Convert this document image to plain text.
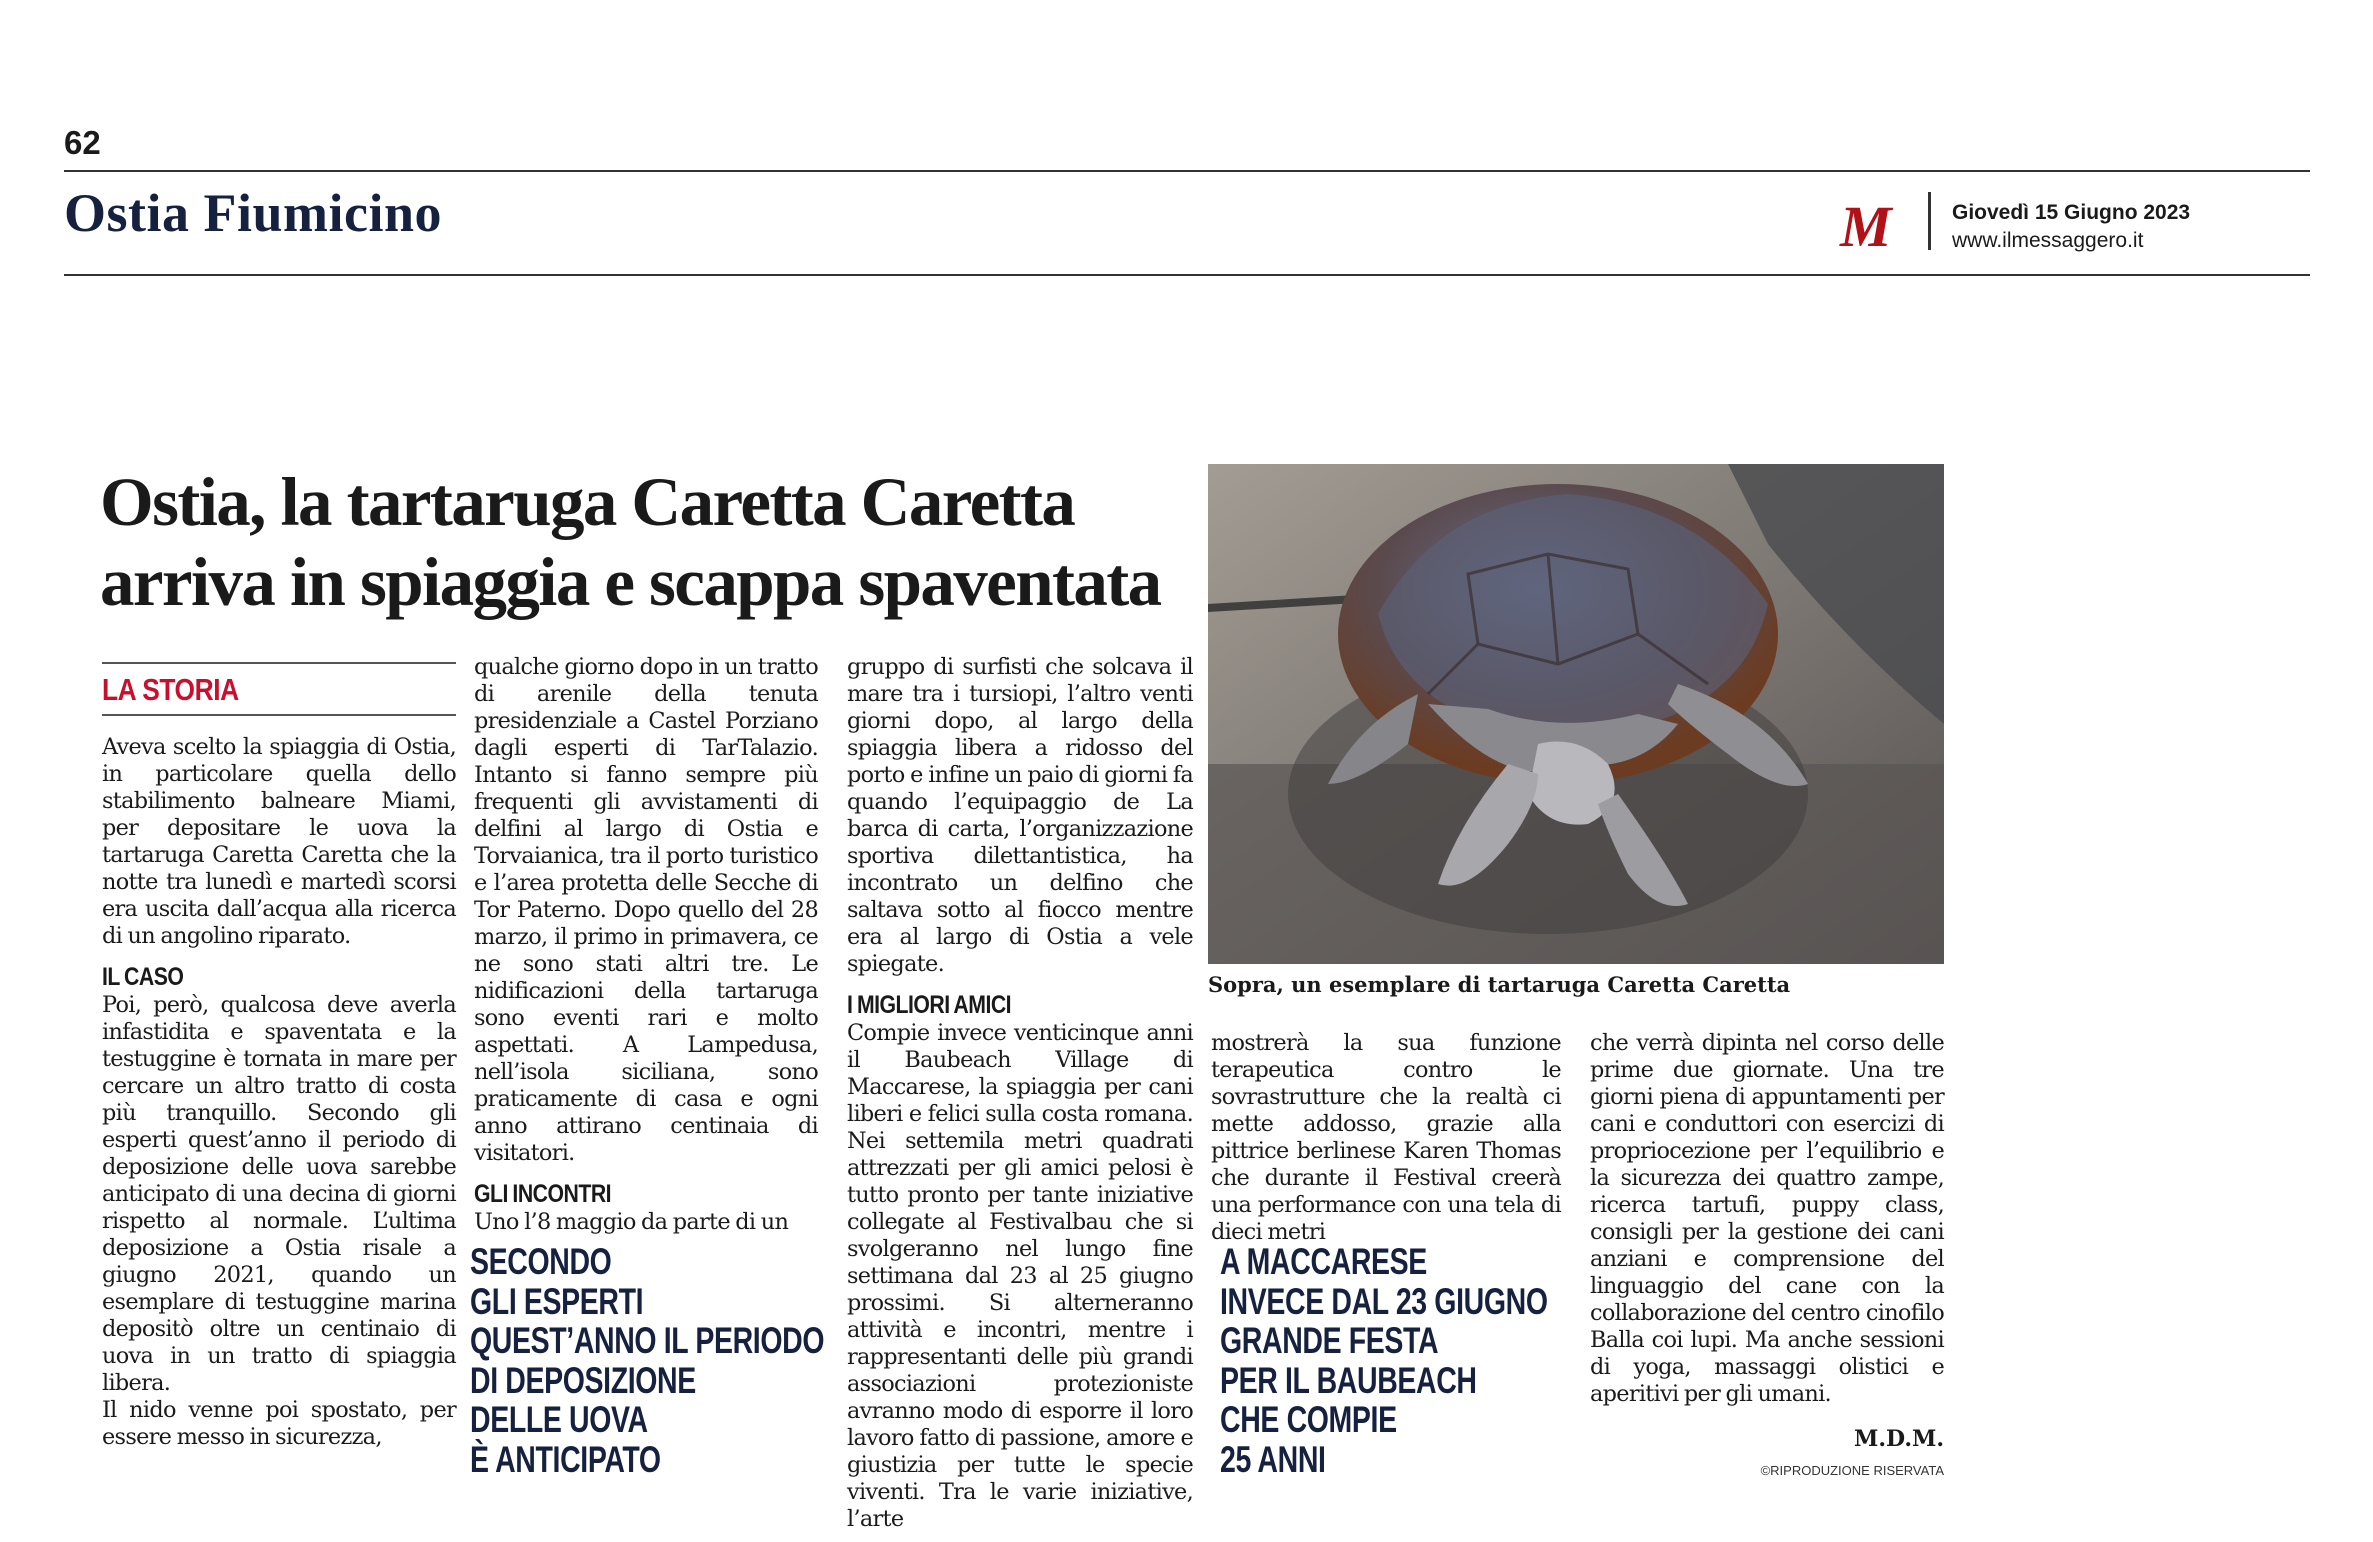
62
Ostia Fiumicino	M	Giovedì 15 Giugno 2023
www.ilmessaggero.it
Ostia, la tartaruga Caretta Caretta
arriva in spiaggia e scappa spaventata
Sopra, un esemplare di tartaruga Caretta Caretta
LA STORIA

Aveva scelto la spiaggia di Ostia, in particolare quella dello stabilimento balneare Miami, per depositare le uova la tartaruga Caretta Caretta che la notte tra lunedì e martedì scorsi era uscita dall’acqua alla ricerca di un angolino riparato.

IL CASO

Poi, però, qualcosa deve averla infastidita e spaventata e la testuggine è tornata in mare per cercare un altro tratto di costa più tranquillo. Secondo gli esperti quest’anno il periodo di deposizione delle uova sarebbe anticipato di una decina di giorni rispetto al normale. L’ultima deposizione a Ostia risale a giugno 2021, quando un esemplare di testuggine marina depositò oltre un centinaio di uova in un tratto di spiaggia libera.

Il nido venne poi spostato, per essere messo in sicurezza,

qualche giorno dopo in un tratto di arenile della tenuta presidenziale a Castel Porziano dagli esperti di TarTalazio. Intanto si fanno sempre più frequenti gli avvistamenti di delfini al largo di Ostia e Torvaianica, tra il porto turistico e l’area protetta delle Secche di Tor Paterno. Dopo quello del 28 marzo, il primo in primavera, ce ne sono stati altri tre. Le nidificazioni della tartaruga sono eventi rari e molto aspettati. A Lampedusa, nell’isola siciliana, sono praticamente di casa e ogni anno attirano centinaia di visitatori.

GLI INCONTRI

Uno l’8 maggio da parte di un

SECONDO
GLI ESPERTI
QUEST’ANNO IL PERIODO
DI DEPOSIZIONE
DELLE UOVA
È ANTICIPATO

gruppo di surfisti che solcava il mare tra i tursiopi, l’altro venti giorni dopo, al largo della spiaggia libera a ridosso del porto e infine un paio di giorni fa quando l’equipaggio de La barca di carta, l’organizzazione sportiva dilettantistica, ha incontrato un delfino che saltava sotto al fiocco mentre era al largo di Ostia a vele spiegate.

I MIGLIORI AMICI

Compie invece venticinque anni il Baubeach Village di Maccarese, la spiaggia per cani liberi e felici sulla costa romana. Nei settemila metri quadrati attrezzati per gli amici pelosi è tutto pronto per tante iniziative collegate al Festivalbau che si svolgeranno nel lungo fine settimana dal 23 al 25 giugno prossimi. Si alterneranno attività e incontri, mentre i rappresentanti delle più grandi associazioni protezioniste avranno modo di esporre il loro lavoro fatto di passione, amore e giustizia per tutte le specie viventi. Tra le varie iniziative, l’arte

mostrerà la sua funzione terapeutica contro le sovrastrutture che la realtà ci mette addosso, grazie alla pittrice berlinese Karen Thomas che durante il Festival creerà una performance con una tela di dieci metri

A MACCARESE
INVECE DAL 23 GIUGNO
GRANDE FESTA
PER IL BAUBEACH
CHE COMPIE
25 ANNI

che verrà dipinta nel corso delle prime due giornate. Una tre giorni piena di appuntamenti per cani e conduttori con esercizi di propriocezione per l’equilibrio e la sicurezza dei quattro zampe, ricerca tartufi, puppy class, consigli per la gestione dei cani anziani e comprensione del linguaggio del cane con la collaborazione del centro cinofilo Balla coi lupi. Ma anche sessioni di yoga, massaggi olistici e aperitivi per gli umani.

M.D.M.
©RIPRODUZIONE RISERVATA
